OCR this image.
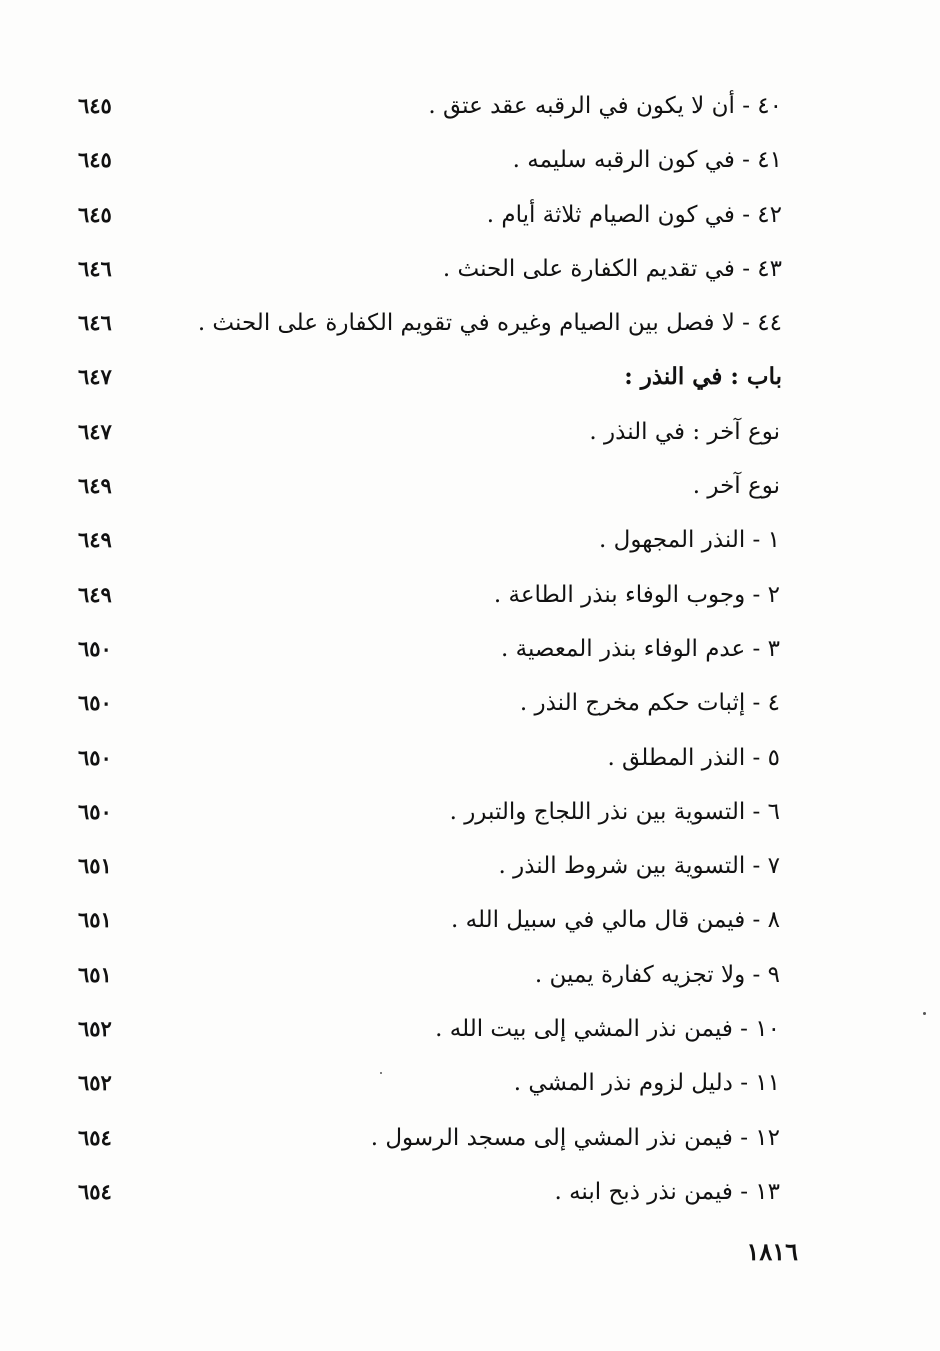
٤٠ - أن لا يكون في الرقبه عقد عتق .
٦٤٥
٤١ - في كون الرقبه سليمه .
٦٤٥
٤٢ - في كون الصيام ثلاثة أيام .
٦٤٥
٤٣ - في تقديم الكفارة على الحنث .
٦٤٦
٤٤ - لا فصل بين الصيام وغيره في تقويم الكفارة على الحنث .
٦٤٦
باب : في النذر :
٦٤٧
نوع آخر : في النذر .
٦٤٧
نوع آخر .
٦٤٩
١ - النذر المجهول .
٦٤٩
٢ - وجوب الوفاء بنذر الطاعة .
٦٤٩
٣ - عدم الوفاء بنذر المعصية .
٦٥٠
٤ - إثبات حكم مخرج النذر .
٦٥٠
٥ - النذر المطلق .
٦٥٠
٦ - التسوية بين نذر اللجاج والتبرر .
٦٥٠
٧ - التسوية بين شروط النذر .
٦٥١
٨ - فيمن قال مالي في سبيل الله .
٦٥١
٩ - ولا تجزيه كفارة يمين .
٦٥١
١٠ - فيمن نذر المشي إلى بيت الله .
٦٥٢
١١ - دليل لزوم نذر المشي .
٦٥٢
١٢ - فيمن نذر المشي إلى مسجد الرسول .
٦٥٤
١٣ - فيمن نذر ذبح ابنه .
٦٥٤
١٨١٦
